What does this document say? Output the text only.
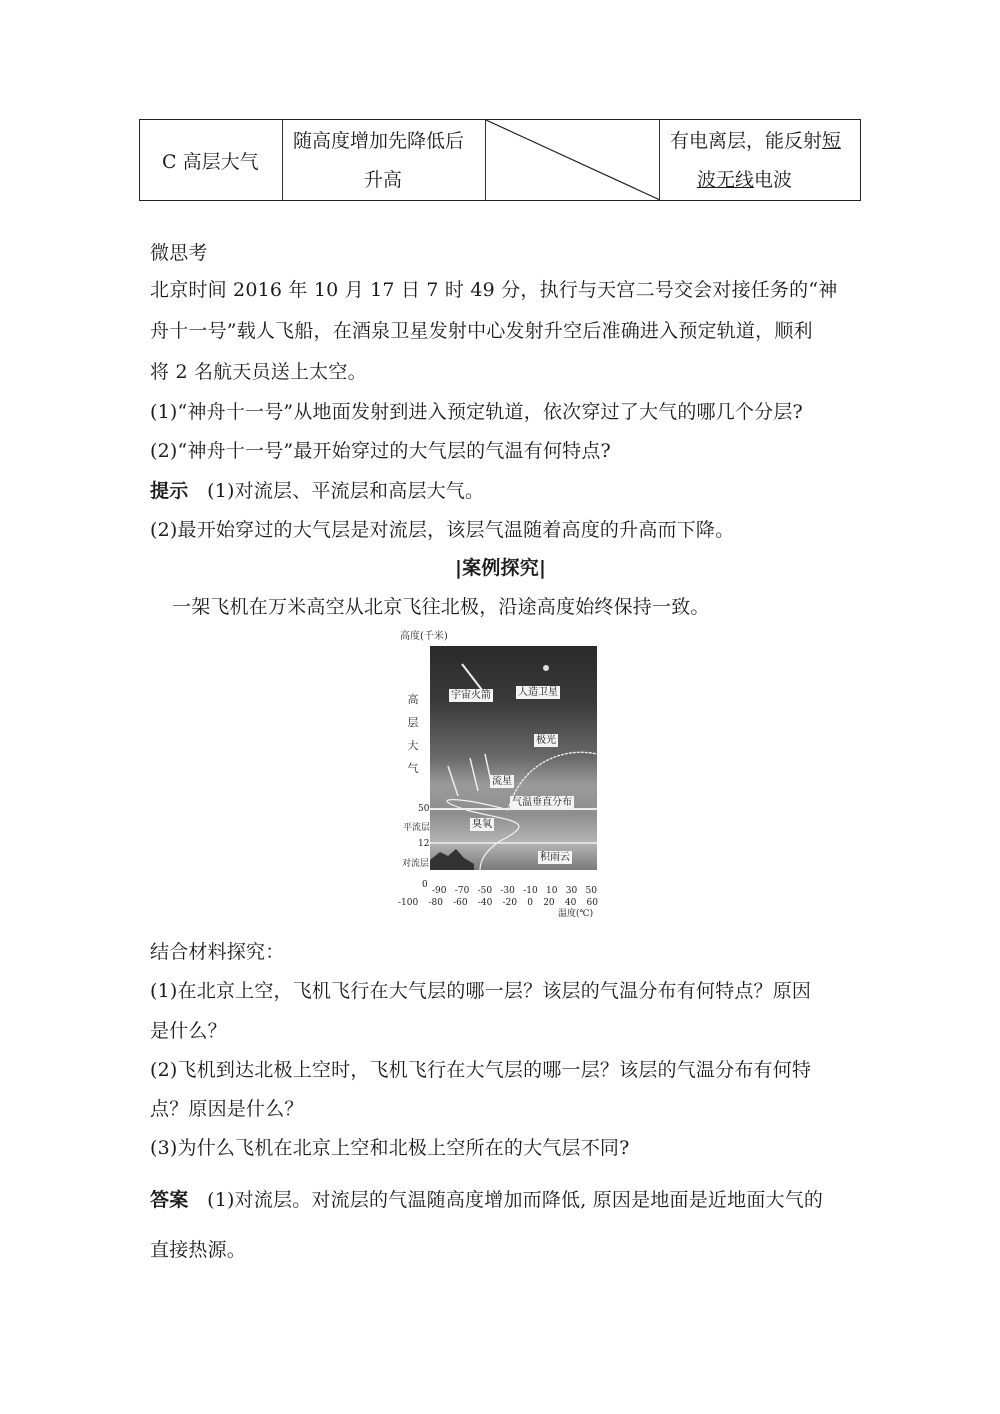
C 高层大气
随高度增加先降低后
升高
有电离层，能反射短
波无线电波
微思考
北京时间 2016 年 10 月 17 日 7 时 49 分，执行与天宫二号交会对接任务的“神
舟十一号”载人飞船，在酒泉卫星发射中心发射升空后准确进入预定轨道，顺利
将 2 名航天员送上太空。
(1)“神舟十一号”从地面发射到进入预定轨道，依次穿过了大气的哪几个分层?
(2)“神舟十一号”最开始穿过的大气层的气温有何特点?
提示 (1)对流层、平流层和高层大气。
(2)最开始穿过的大气层是对流层，该层气温随着高度的升高而下降。
|案例探究|
一架飞机在万米高空从北京飞往北极，沿途高度始终保持一致。
高度(千米)
宇宙火箭	人造卫星
极光
流星
气温垂直分布
臭氧
积雨云
高
层
大
气
50
平流层
12
对流层
0
-90 -70 -50 -30 -10 10 30 50
-100 -80 -60 -40 -20 0 20 40 60
温度(℃)
结合材料探究：
(1)在北京上空，飞机飞行在大气层的哪一层？该层的气温分布有何特点？原因
是什么？
(2)飞机到达北极上空时，飞机飞行在大气层的哪一层？该层的气温分布有何特
点？原因是什么？
(3)为什么飞机在北京上空和北极上空所在的大气层不同?
答案 (1)对流层。对流层的气温随高度增加而降低, 原因是地面是近地面大气的
直接热源。
